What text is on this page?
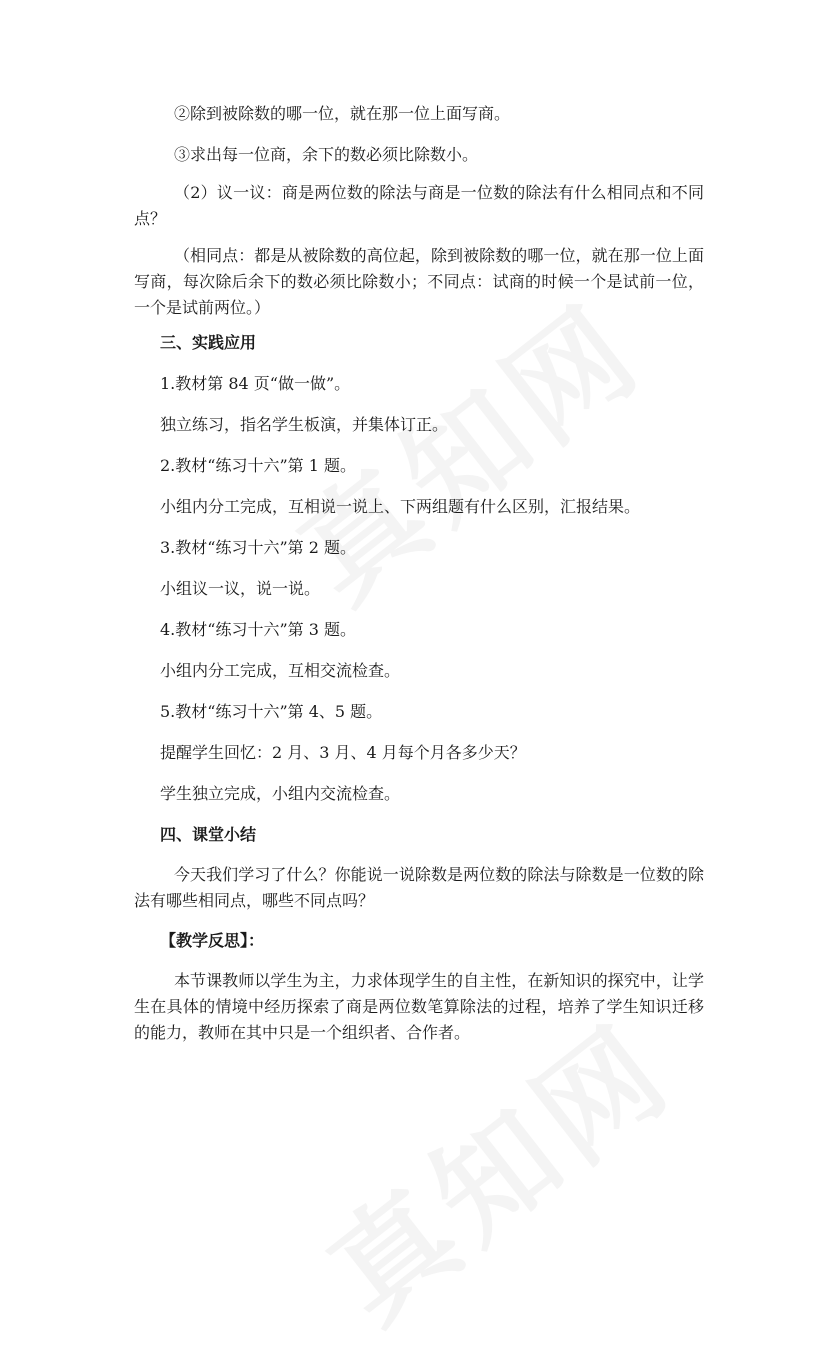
②除到被除数的哪一位，就在那一位上面写商。
③求出每一位商，余下的数必须比除数小。
（2）议一议：商是两位数的除法与商是一位数的除法有什么相同点和不同点？
（相同点：都是从被除数的高位起，除到被除数的哪一位，就在那一位上面写商，每次除后余下的数必须比除数小；不同点：试商的时候一个是试前一位，一个是试前两位。）
三、实践应用
1.教材第 84 页“做一做”。
独立练习，指名学生板演，并集体订正。
2.教材“练习十六”第 1 题。
小组内分工完成，互相说一说上、下两组题有什么区别，汇报结果。
3.教材“练习十六”第 2 题。
小组议一议，说一说。
4.教材“练习十六”第 3 题。
小组内分工完成，互相交流检查。
5.教材“练习十六”第 4、5 题。
提醒学生回忆：2 月、3 月、4 月每个月各多少天？
学生独立完成，小组内交流检查。
四、课堂小结
今天我们学习了什么？你能说一说除数是两位数的除法与除数是一位数的除法有哪些相同点，哪些不同点吗？
【教学反思】：
本节课教师以学生为主，力求体现学生的自主性，在新知识的探究中，让学生在具体的情境中经历探索了商是两位数笔算除法的过程，培养了学生知识迁移的能力，教师在其中只是一个组织者、合作者。
